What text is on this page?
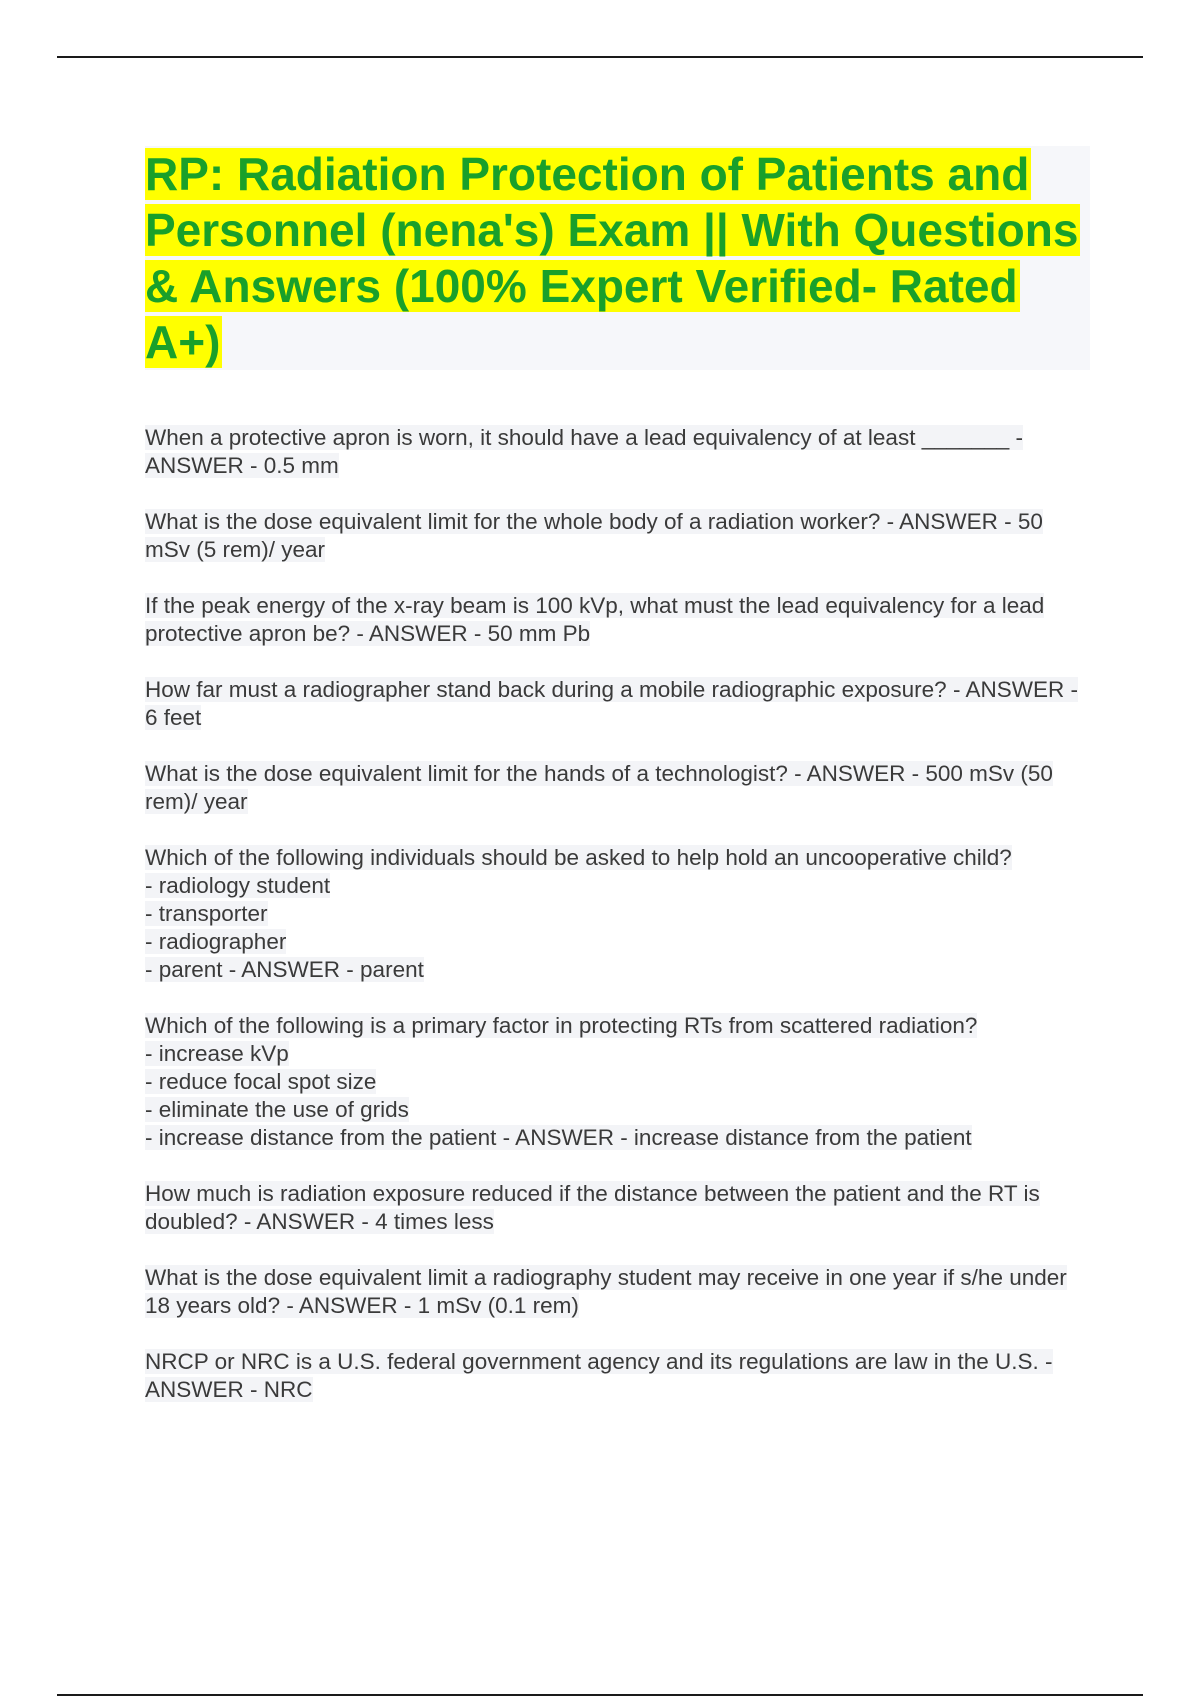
RP: Radiation Protection of Patients and Personnel (nena's) Exam || With Questions & Answers (100% Expert Verified- Rated A+)

When a protective apron is worn, it should have a lead equivalency of at least _______ - ANSWER - 0.5 mm

What is the dose equivalent limit for the whole body of a radiation worker? - ANSWER - 50 mSv (5 rem)/ year

If the peak energy of the x-ray beam is 100 kVp, what must the lead equivalency for a lead protective apron be? - ANSWER - 50 mm Pb

How far must a radiographer stand back during a mobile radiographic exposure? - ANSWER - 6 feet

What is the dose equivalent limit for the hands of a technologist? - ANSWER - 500 mSv (50 rem)/ year

Which of the following individuals should be asked to help hold an uncooperative child?
- radiology student
- transporter
- radiographer
- parent - ANSWER - parent

Which of the following is a primary factor in protecting RTs from scattered radiation?
- increase kVp
- reduce focal spot size
- eliminate the use of grids
- increase distance from the patient - ANSWER - increase distance from the patient

How much is radiation exposure reduced if the distance between the patient and the RT is doubled? - ANSWER - 4 times less

What is the dose equivalent limit a radiography student may receive in one year if s/he under 18 years old? - ANSWER - 1 mSv (0.1 rem)

NRCP or NRC is a U.S. federal government agency and its regulations are law in the U.S. - ANSWER - NRC
